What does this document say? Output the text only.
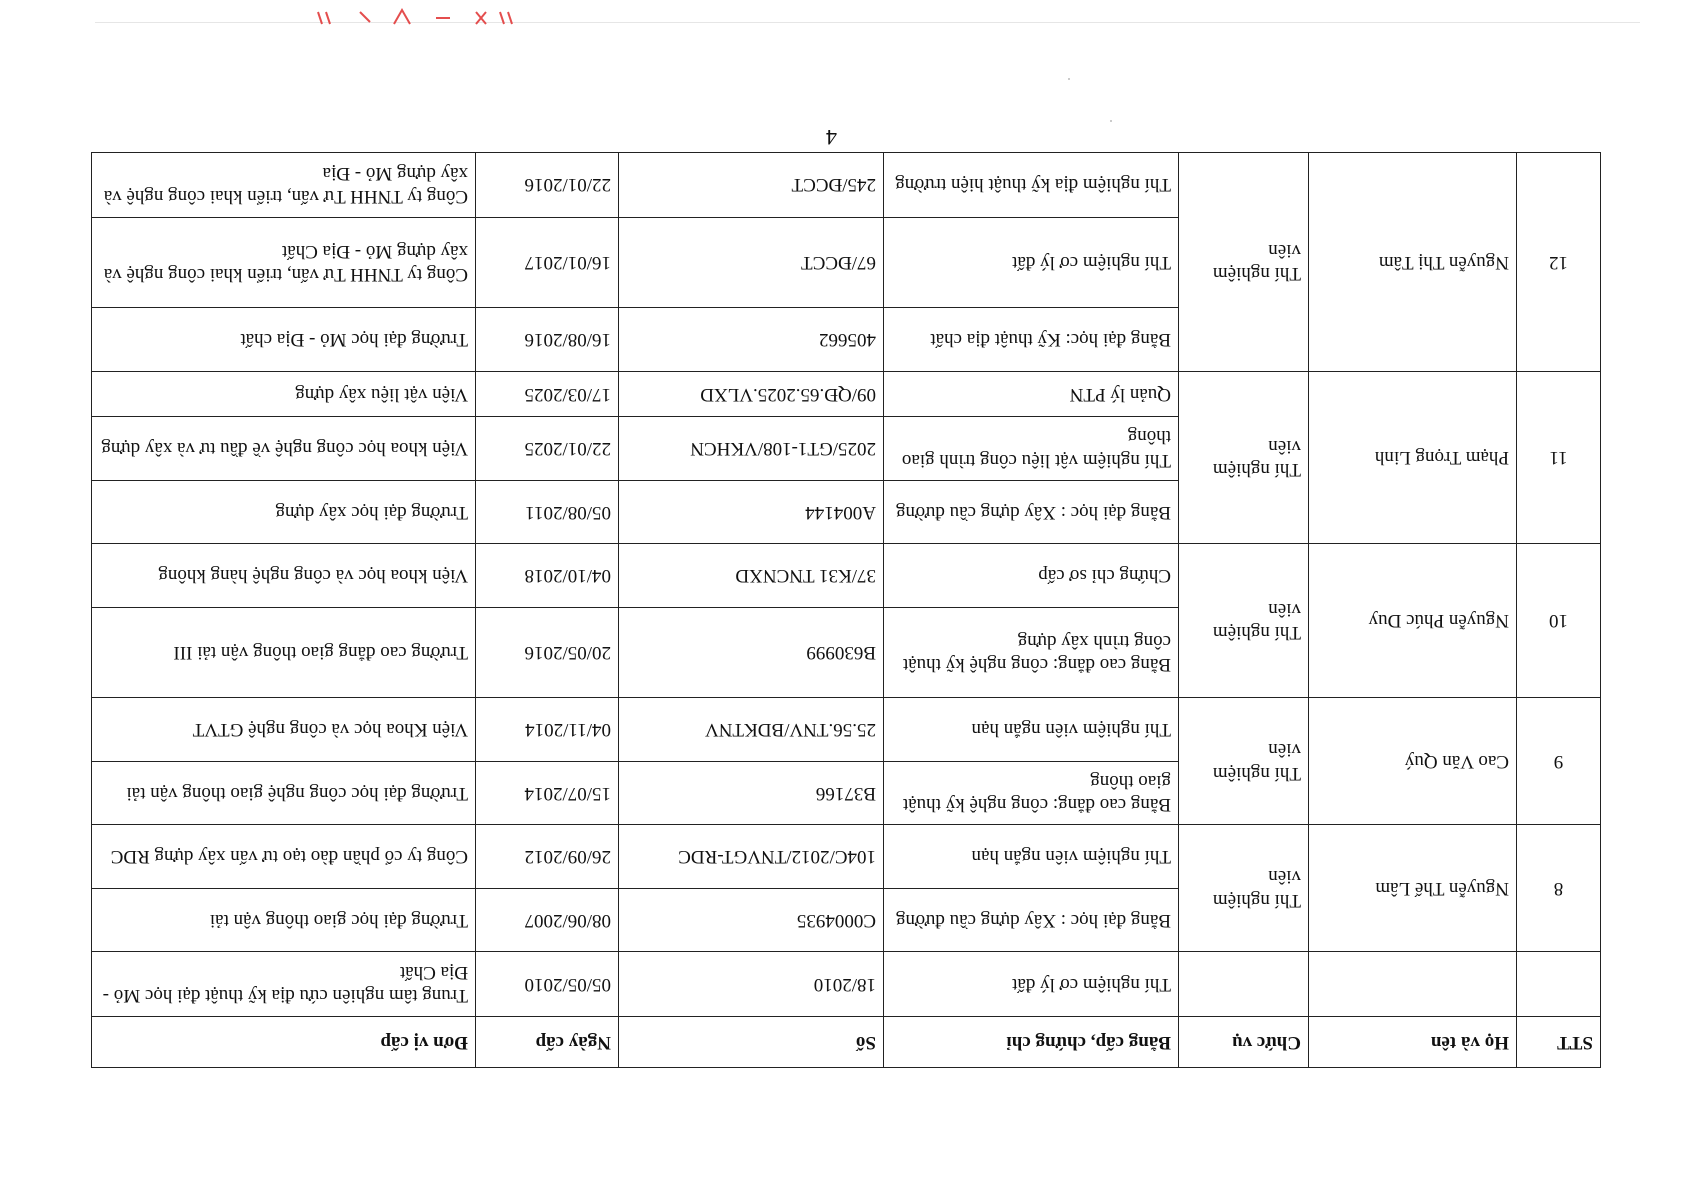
4
STT	Họ và tên	Chức vụ	Bằng cấp, chứng chỉ	Số	Ngày cấp	Đơn vị cấp
			Thí nghiệm cơ lý đất	18/2010	05/05/2010	Trung tâm nghiên cứu địa kỹ thuật đại học Mỏ - Địa Chất
8	Nguyễn Thế Lâm	Thí nghiệm viên	Bằng đại học : Xây dựng cầu đường	C0004935	08/06/2007	Trường đại học giao thông vận tải
			Thí nghiệm viên ngắn hạn	104C/2012/TNVGT-RDC	26/09/2012	Công ty cổ phần đào tạo tư vấn xây dựng RDC
9	Cao Văn Quý	Thí nghiệm viên	Bằng cao đẳng: công nghệ kỹ thuật giao thông	B37166	15/07/2014	Trường đại học công nghệ giao thông vận tải
			Thí nghiệm viên ngắn hạn	25.56.TNV/BDKTNV	04/11/2014	Viện Khoa học và công nghệ GTVT
10	Nguyễn Phúc Duy	Thí nghiệm viên	Bằng cao đẳng: công nghệ kỹ thuật công trình xây dựng	B630999	20/05/2016	Trường cao đẳng giao thông vận tải III
			Chứng chỉ sơ cấp	37/K31 TNCNXD	04/10/2018	Viện khoa học và công nghệ hàng không
11	Phạm Trọng Linh	Thí nghiệm viên	Bằng đại học : Xây dựng cầu đường	A004144	05/08/2011	Trường đại học xây dựng
			Thí nghiệm vật liệu công trình giao thông	2025/GT1-108/VKHCN	22/01/2025	Viện khoa học công nghệ về đầu tư và xây dựng
			Quản lý PTN	09/QĐ.65.2025.VLXD	17/03/2025	Viện vật liệu xây dựng
12	Nguyễn Thị Tâm	Thí nghiệm viên	Bằng đại học: Kỹ thuật địa chất	405662	16/08/2016	Trường đại học Mỏ - Địa chất
			Thí nghiệm cơ lý đất	67/ĐCCT	16/01/2017	Công ty TNHH Tư vấn, triển khai công nghệ và xây dựng Mỏ - Địa Chất
			Thí nghiệm địa kỹ thuật hiện trường	245/ĐCCT	22/01/2016	Công ty TNHH Tư vấn, triển khai công nghệ và xây dựng Mỏ - Địa
